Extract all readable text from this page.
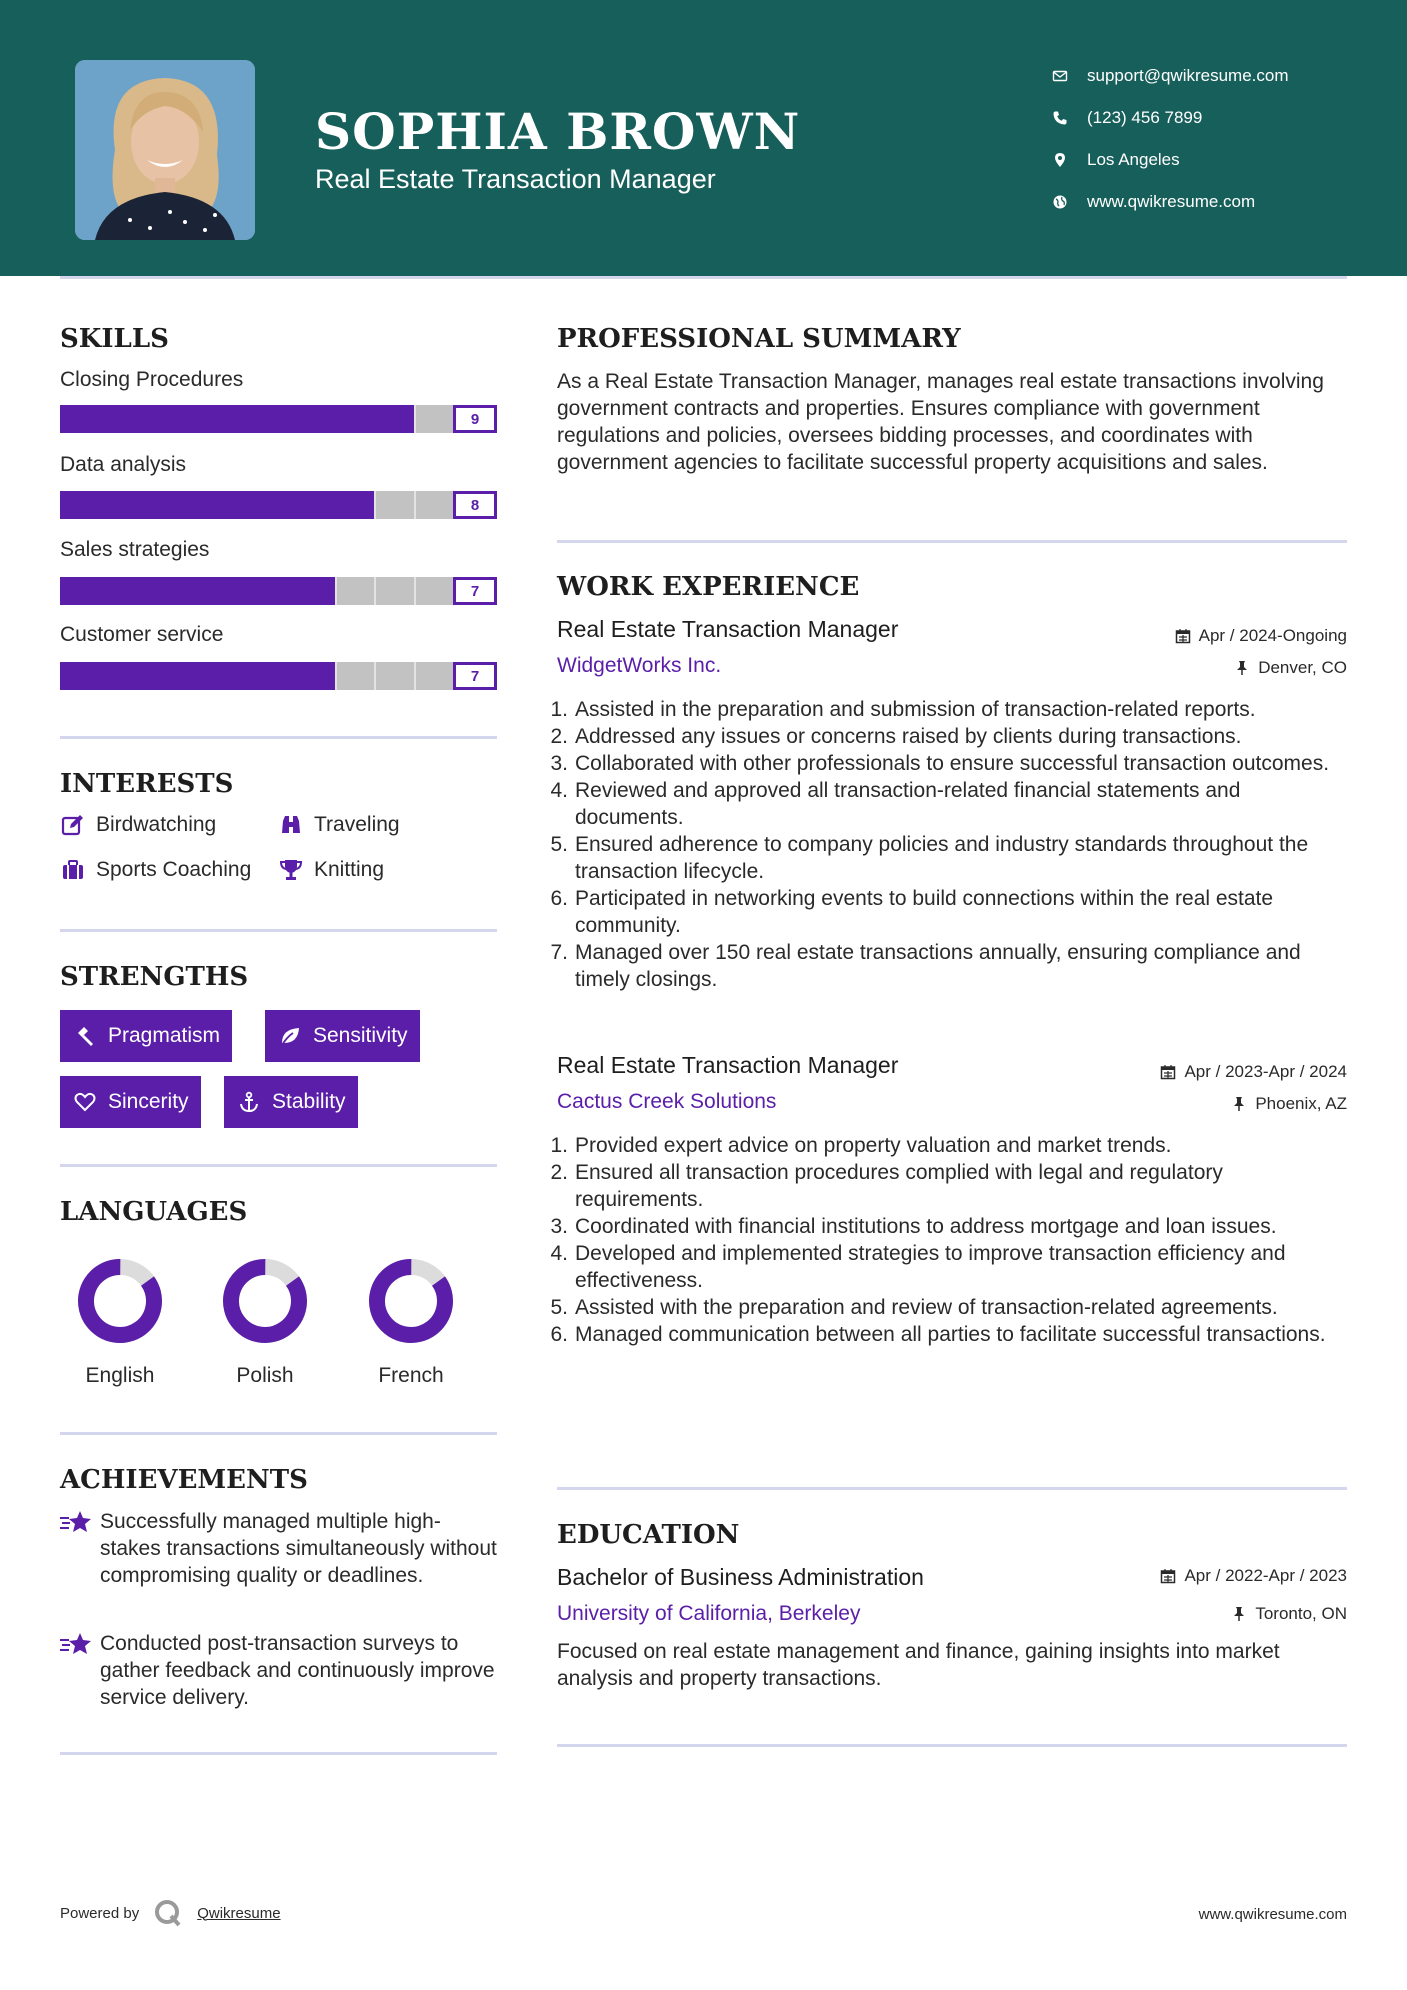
SOPHIA BROWN
Real Estate Transaction Manager
support@qwikresume.com
(123) 456 7899
Los Angeles
www.qwikresume.com
SKILLS
Closing Procedures
9
Data analysis
8
Sales strategies
7
Customer service
7
INTERESTS
Birdwatching	Traveling
Sports Coaching	Knitting
STRENGTHS
Pragmatism	Sensitivity
Sincerity	Stability
LANGUAGES
English	Polish	French
ACHIEVEMENTS
Successfully managed multiple high-stakes transactions simultaneously without compromising quality or deadlines.
Conducted post-transaction surveys to gather feedback and continuously improve service delivery.
PROFESSIONAL SUMMARY
As a Real Estate Transaction Manager, manages real estate transactions involving government contracts and properties. Ensures compliance with government regulations and policies, oversees bidding processes, and coordinates with government agencies to facilitate successful property acquisitions and sales.
WORK EXPERIENCE
Real Estate Transaction Manager	Apr / 2024-Ongoing
WidgetWorks Inc.	Denver, CO
1. Assisted in the preparation and submission of transaction-related reports.
2. Addressed any issues or concerns raised by clients during transactions.
3. Collaborated with other professionals to ensure successful transaction outcomes.
4. Reviewed and approved all transaction-related financial statements and documents.
5. Ensured adherence to company policies and industry standards throughout the transaction lifecycle.
6. Participated in networking events to build connections within the real estate community.
7. Managed over 150 real estate transactions annually, ensuring compliance and timely closings.
Real Estate Transaction Manager	Apr / 2023-Apr / 2024
Cactus Creek Solutions	Phoenix, AZ
1. Provided expert advice on property valuation and market trends.
2. Ensured all transaction procedures complied with legal and regulatory requirements.
3. Coordinated with financial institutions to address mortgage and loan issues.
4. Developed and implemented strategies to improve transaction efficiency and effectiveness.
5. Assisted with the preparation and review of transaction-related agreements.
6. Managed communication between all parties to facilitate successful transactions.
EDUCATION
Bachelor of Business Administration	Apr / 2022-Apr / 2023
University of California, Berkeley	Toronto, ON
Focused on real estate management and finance, gaining insights into market analysis and property transactions.
Powered by	Qwikresume	www.qwikresume.com
